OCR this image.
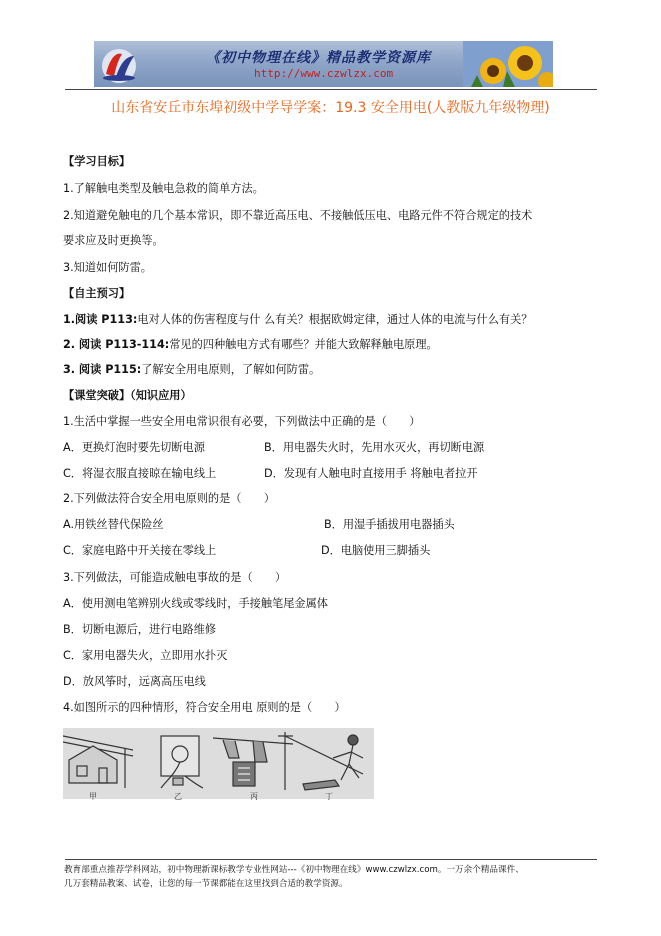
《初中物理在线》精品教学资源库
http://www.czwlzx.com
山东省安丘市东埠初级中学导学案：19.3 安全用电(人教版九年级物理)
【学习目标】
1.了解触电类型及触电急救的简单方法。
2.知道避免触电的几个基本常识，即不靠近高压电、不接触低压电、电路元件不符合规定的技术
要求应及时更换等。
3.知道如何防雷。
【自主预习】
1.阅读 P113:电对人体的伤害程度与什 么有关？根据欧姆定律，通过人体的电流与什么有关？
2. 阅读 P113-114:常见的四种触电方式有哪些？并能大致解释触电原理。
3. 阅读 P115:了解安全用电原则，了解如何防雷。
【课堂突破】（知识应用）
1.生活中掌握一些安全用电常识很有必要，下列做法中正确的是（　　）
A．更换灯泡时要先切断电源	B．用电器失火时，先用水灭火，再切断电源
C．将湿衣服直接晾在输电线上	D．发现有人触电时直接用手 将触电者拉开
2.下列做法符合安全用电原则的是（　　）
A.用铁丝替代保险丝	B．用湿手插拔用电器插头
C．家庭电路中开关接在零线上	D．电脑使用三脚插头
3.下列做法，可能造成触电事故的是（　　）
A．使用测电笔辨别火线或零线时，手接触笔尾金属体
B．切断电源后，进行电路维修
C．家用电器失火，立即用水扑灭
D．放风筝时，远离高压电线
4.如图所示的四种情形，符合安全用电 原则的是（　　）
甲	乙	丙	丁
教育部重点推荐学科网站，初中物理新课标教学专业性网站---《初中物理在线》www.czwlzx.com。一万余个精品课件、
几万套精品教案、试卷，让您的每一节课都能在这里找到合适的教学资源。
